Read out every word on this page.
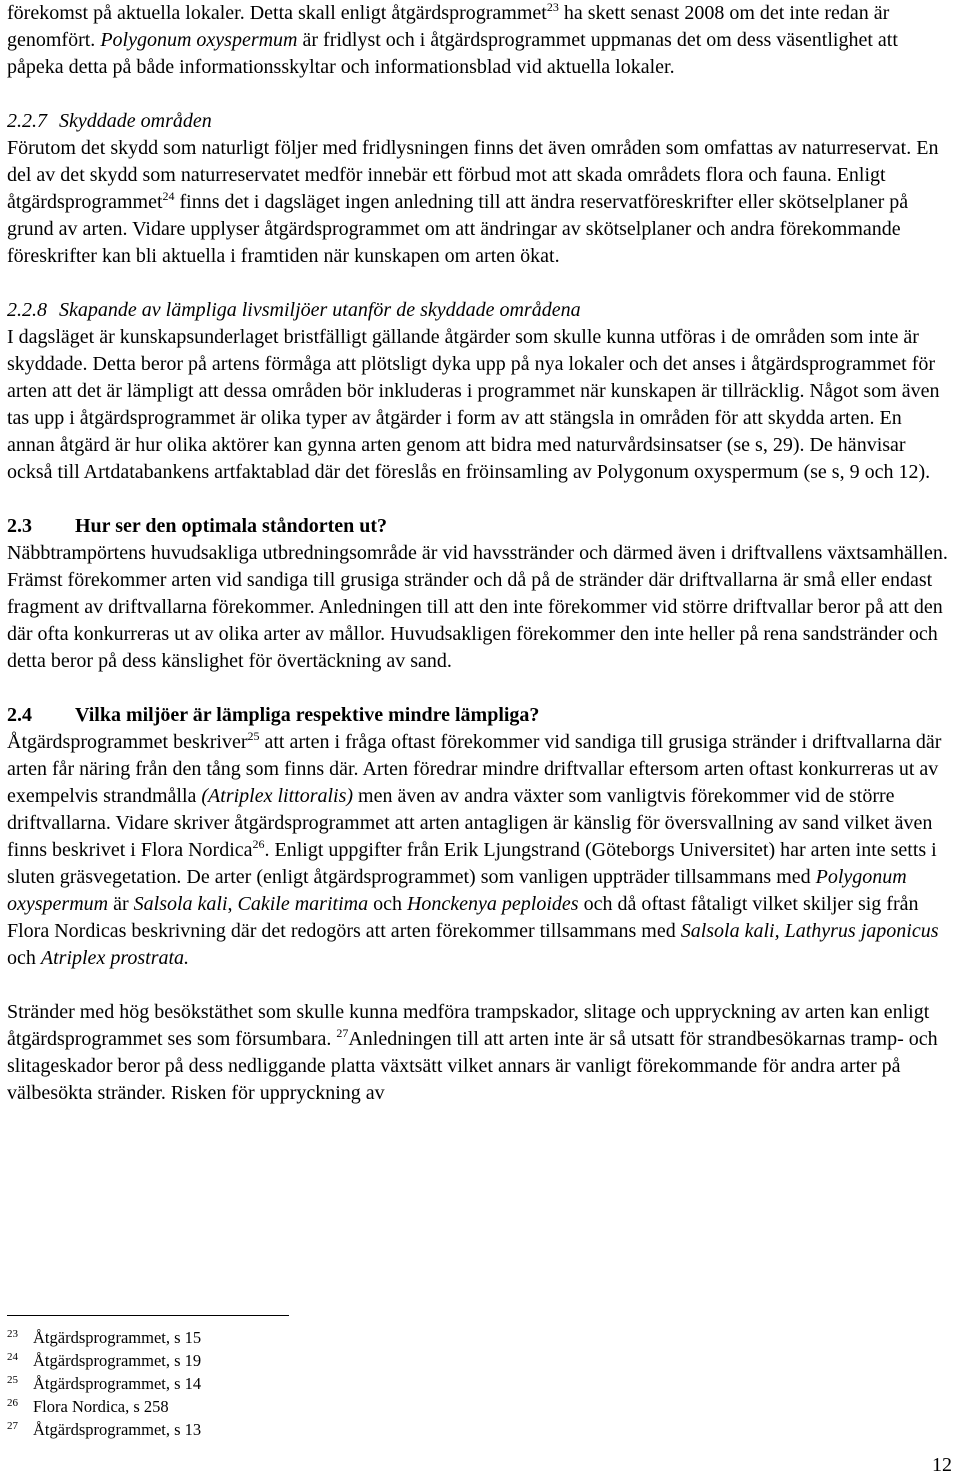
förekomst på aktuella lokaler. Detta skall enligt åtgärdsprogrammet$^{23}$ ha skett senast 2008 om det inte redan är genomfört. Polygonum oxyspermum är fridlyst och i åtgärdsprogrammet uppmanas det om dess väsentlighet att påpeka detta på både informationsskyltar och informationsblad vid aktuella lokaler.

2.2.7 Skyddade områden

Förutom det skydd som naturligt följer med fridlysningen finns det även områden som omfattas av naturreservat. En del av det skydd som naturreservatet medför innebär ett förbud mot att skada områdets flora och fauna. Enligt åtgärdsprogrammet$^{24}$ finns det i dagsläget ingen anledning till att ändra reservatföreskrifter eller skötselplaner på grund av arten. Vidare upplyser åtgärdsprogrammet om att ändringar av skötselplaner och andra förekommande föreskrifter kan bli aktuella i framtiden när kunskapen om arten ökat.

2.2.8 Skapande av lämpliga livsmiljöer utanför de skyddade områdena

I dagsläget är kunskapsunderlaget bristfälligt gällande åtgärder som skulle kunna utföras i de områden som inte är skyddade. Detta beror på artens förmåga att plötsligt dyka upp på nya lokaler och det anses i åtgärdsprogrammet för arten att det är lämpligt att dessa områden bör inkluderas i programmet när kunskapen är tillräcklig. Något som även tas upp i åtgärdsprogrammet är olika typer av åtgärder i form av att stängsla in områden för att skydda arten. En annan åtgärd är hur olika aktörer kan gynna arten genom att bidra med naturvårdsinsatser (se s, 29). De hänvisar också till Artdatabankens artfaktablad där det föreslås en fröinsamling av Polygonum oxyspermum (se s, 9 och 12).

2.3 Hur ser den optimala ståndorten ut?

Näbbtrampörtens huvudsakliga utbredningsområde är vid havsstränder och därmed även i driftvallens växtsamhällen. Främst förekommer arten vid sandiga till grusiga stränder och då på de stränder där driftvallarna är små eller endast fragment av driftvallarna förekommer. Anledningen till att den inte förekommer vid större driftvallar beror på att den där ofta konkurreras ut av olika arter av mållor. Huvudsakligen förekommer den inte heller på rena sandstränder och detta beror på dess känslighet för övertäckning av sand.

2.4 Vilka miljöer är lämpliga respektive mindre lämpliga?

Åtgärdsprogrammet beskriver$^{25}$ att arten i fråga oftast förekommer vid sandiga till grusiga stränder i driftvallarna där arten får näring från den tång som finns där. Arten föredrar mindre driftvallar eftersom arten oftast konkurreras ut av exempelvis strandmålla (Atriplex littoralis) men även av andra växter som vanligtvis förekommer vid de större driftvallarna. Vidare skriver åtgärdsprogrammet att arten antagligen är känslig för översvallning av sand vilket även finns beskrivet i Flora Nordica$^{26}$. Enligt uppgifter från Erik Ljungstrand (Göteborgs Universitet) har arten inte setts i sluten gräsvegetation. De arter (enligt åtgärdsprogrammet) som vanligen uppträder tillsammans med Polygonum oxyspermum är Salsola kali, Cakile maritima och Honckenya peploides och då oftast fåtaligt vilket skiljer sig från Flora Nordicas beskrivning där det redogörs att arten förekommer tillsammans med Salsola kali, Lathyrus japonicus och Atriplex prostrata.

Stränder med hög besökstäthet som skulle kunna medföra trampskador, slitage och uppryckning av arten kan enligt åtgärdsprogrammet ses som försumbara. $^{27}$Anledningen till att arten inte är så utsatt för strandbesökarnas tramp- och slitageskador beror på dess nedliggande platta växtsätt vilket annars är vanligt förekommande för andra arter på välbesökta stränder. Risken för uppryckning av

23 Åtgärdsprogrammet, s 15
24 Åtgärdsprogrammet, s 19
25 Åtgärdsprogrammet, s 14
26 Flora Nordica, s 258
27 Åtgärdsprogrammet, s 13
12
